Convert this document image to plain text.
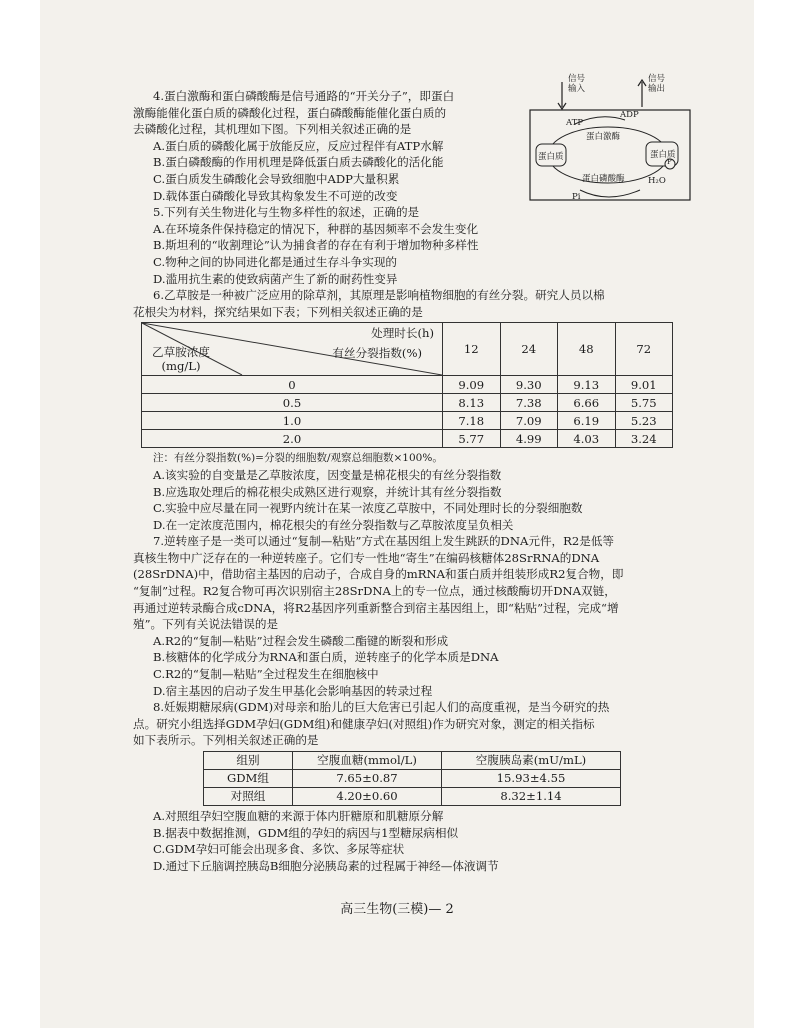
信号输入
信号输出
ATP
ADP
蛋白激酶
蛋白质	蛋白质
P
蛋白磷酸酶	H₂O
Pi
4.蛋白激酶和蛋白磷酸酶是信号通路的“开关分子”，即蛋白
激酶能催化蛋白质的磷酸化过程，蛋白磷酸酶能催化蛋白质的
去磷酸化过程，其机理如下图。下列相关叙述正确的是
A.蛋白质的磷酸化属于放能反应，反应过程伴有ATP水解
B.蛋白磷酸酶的作用机理是降低蛋白质去磷酸化的活化能
C.蛋白质发生磷酸化会导致细胞中ADP大量积累
D.载体蛋白磷酸化导致其构象发生不可逆的改变
5.下列有关生物进化与生物多样性的叙述，正确的是
A.在环境条件保持稳定的情况下，种群的基因频率不会发生变化
B.斯坦利的“收割理论”认为捕食者的存在有利于增加物种多样性
C.物种之间的协同进化都是通过生存斗争实现的
D.滥用抗生素的使致病菌产生了新的耐药性变异
6.乙草胺是一种被广泛应用的除草剂，其原理是影响植物细胞的有丝分裂。研究人员以棉
花根尖为材料，探究结果如下表；下列相关叙述正确的是
处理时长(h)
有丝分裂指数(%)
乙草胺浓度
(mg/L)	12	24	48	72
0	9.09	9.30	9.13	9.01
0.5	8.13	7.38	6.66	5.75
1.0	7.18	7.09	6.19	5.23
2.0	5.77	4.99	4.03	3.24
注：有丝分裂指数(%)=分裂的细胞数/观察总细胞数×100%。
A.该实验的自变量是乙草胺浓度，因变量是棉花根尖的有丝分裂指数
B.应选取处理后的棉花根尖成熟区进行观察，并统计其有丝分裂指数
C.实验中应尽量在同一视野内统计在某一浓度乙草胺中，不同处理时长的分裂细胞数
D.在一定浓度范围内，棉花根尖的有丝分裂指数与乙草胺浓度呈负相关
7.逆转座子是一类可以通过“复制—粘贴”方式在基因组上发生跳跃的DNA元件，R2是低等
真核生物中广泛存在的一种逆转座子。它们专一性地“寄生”在编码核糖体28SrRNA的DNA
(28SrDNA)中，借助宿主基因的启动子，合成自身的mRNA和蛋白质并组装形成R2复合物，即
“复制”过程。R2复合物可再次识别宿主28SrDNA上的专一位点，通过核酸酶切开DNA双链，
再通过逆转录酶合成cDNA，将R2基因序列重新整合到宿主基因组上，即“粘贴”过程，完成“增
殖”。下列有关说法错误的是
A.R2的“复制—粘贴”过程会发生磷酸二酯键的断裂和形成
B.核糖体的化学成分为RNA和蛋白质，逆转座子的化学本质是DNA
C.R2的“复制—粘贴”全过程发生在细胞核中
D.宿主基因的启动子发生甲基化会影响基因的转录过程
8.妊娠期糖尿病(GDM)对母亲和胎儿的巨大危害已引起人们的高度重视，是当今研究的热
点。研究小组选择GDM孕妇(GDM组)和健康孕妇(对照组)作为研究对象，测定的相关指标
如下表所示。下列相关叙述正确的是
组别	空腹血糖(mmol/L)	空腹胰岛素(mU/mL)
GDM组	7.65±0.87	15.93±4.55
对照组	4.20±0.60	8.32±1.14
A.对照组孕妇空腹血糖的来源于体内肝糖原和肌糖原分解
B.据表中数据推测，GDM组的孕妇的病因与1型糖尿病相似
C.GDM孕妇可能会出现多食、多饮、多尿等症状
D.通过下丘脑调控胰岛B细胞分泌胰岛素的过程属于神经—体液调节
高三生物(三模)— 2
